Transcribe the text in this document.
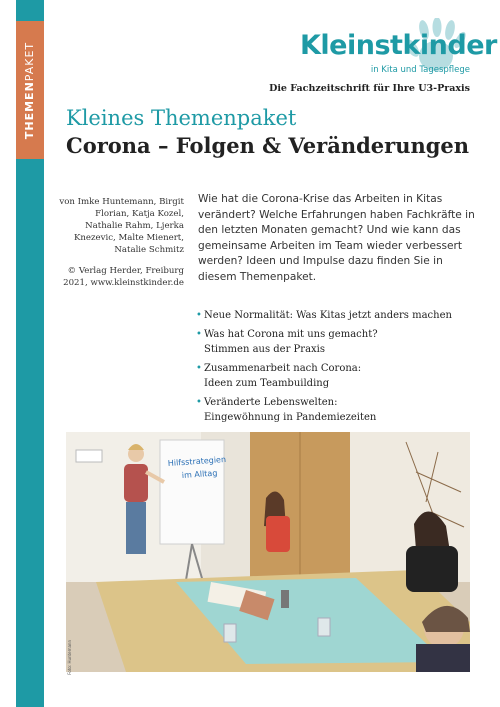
THEMENPAKET	Kleinstkinder
in Kita und Tagespflege
Die Fachzeitschrift für Ihre U3-Praxis
Kleines Themenpaket
Corona – Folgen & Veränderungen

von Imke Huntemann, Birgit Florian, Katja Kozel, Nathalie Rahm, Ljerka Knezevic, Malte Mienert, Natalie Schmitz

© Verlag Herder, Freiburg 2021, www.kleinstkinder.de

Wie hat die Corona-Krise das Arbeiten in Kitas verändert? Welche Erfahrungen haben Fachkräfte in den letzten Monaten gemacht? Und wie kann das gemeinsame Arbeiten im Team wieder verbessert werden? Ideen und Impulse dazu finden Sie in diesem Themenpaket.

• Neue Normalität: Was Kitas jetzt anders machen
• Was hat Corona mit uns gemacht?
Stimmen aus der Praxis
• Zusammenarbeit nach Corona:
Ideen zum Teambuilding
• Veränderte Lebenswelten:
Eingewöhnung in Pandemiezeiten
Hilfsstrategien
im Alltag
Foto: Huntemann
